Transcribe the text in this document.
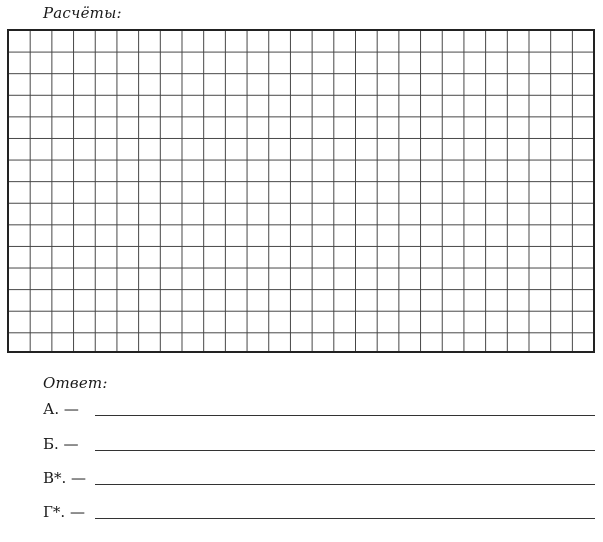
Расчёты:
Ответ:
А. —
Б. —
В*. —
Г*. —
